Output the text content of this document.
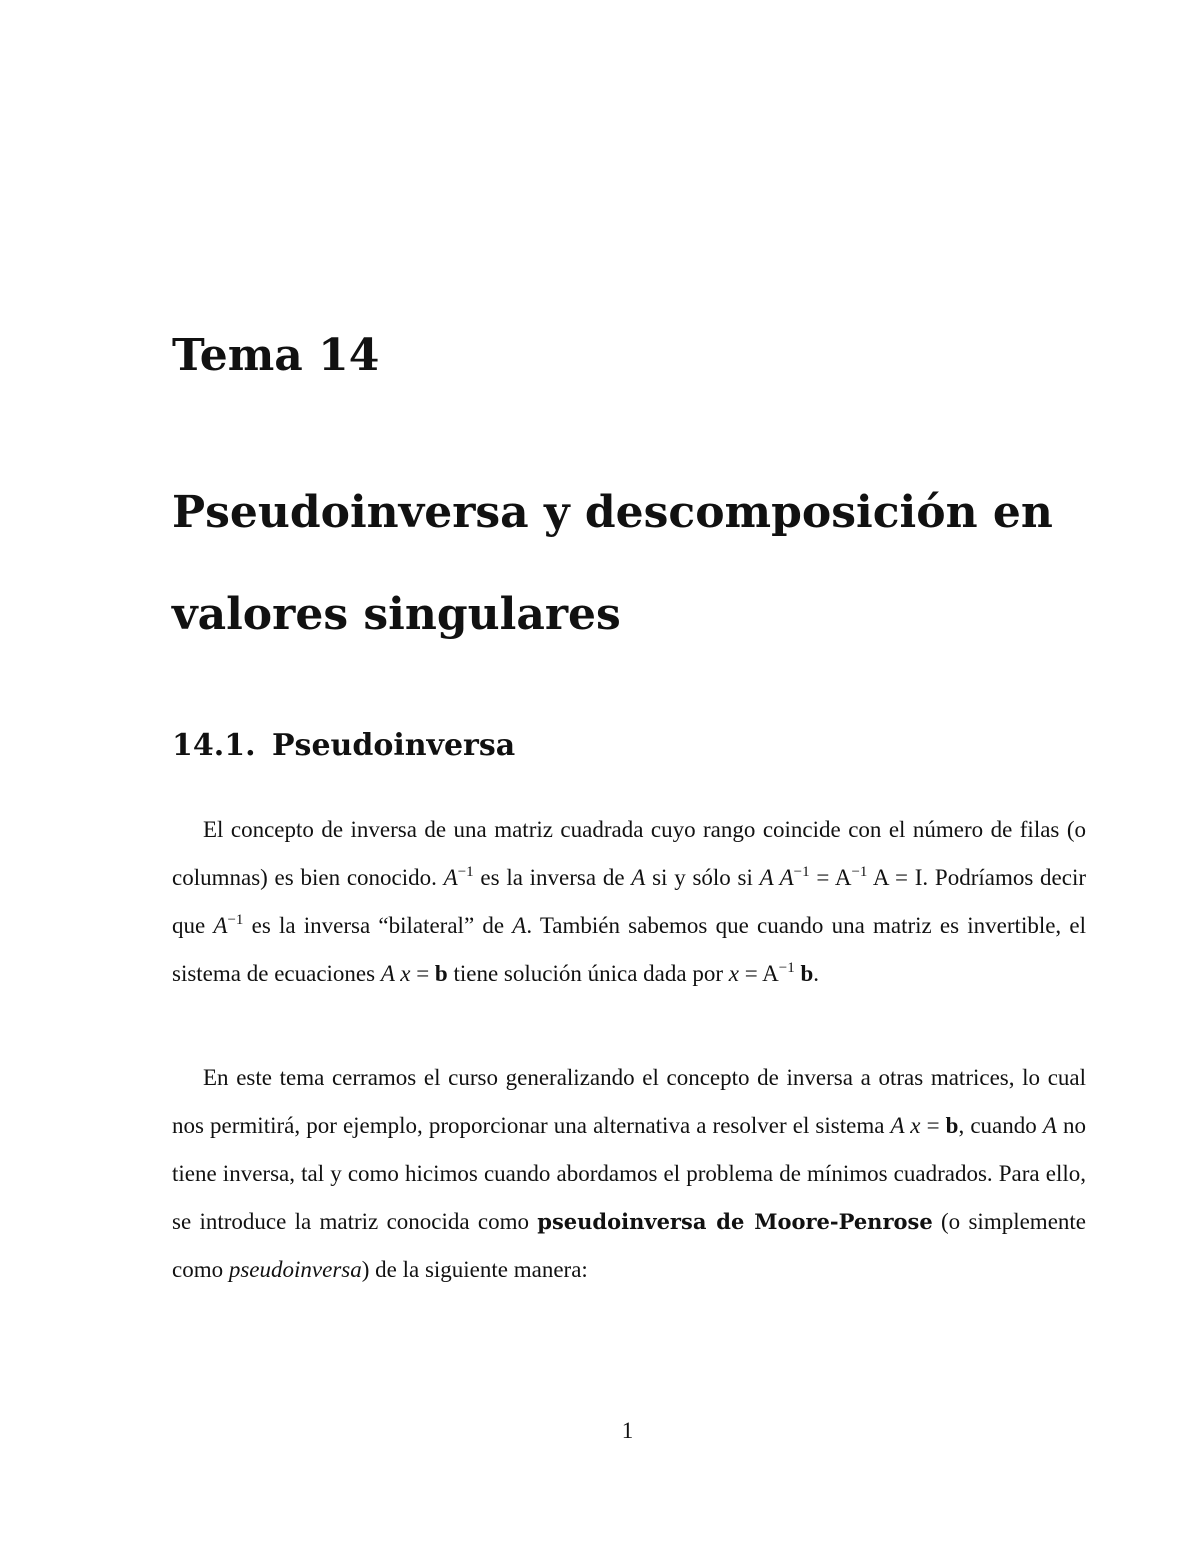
Tema 14
Pseudoinversa y descomposición en valores singulares
14.1. Pseudoinversa

El concepto de inversa de una matriz cuadrada cuyo rango coincide con el número de filas (o columnas) es bien conocido. $A^{-1}$ es la inversa de A si y sólo si A $A^{-1} = A^{-1}$ A = I. Podríamos decir que $A^{-1}$ es la inversa “bilateral” de A. También sabemos que cuando una matriz es invertible, el sistema de ecuaciones A x = b tiene solución única dada por $x = A^{-1}$ b.

En este tema cerramos el curso generalizando el concepto de inversa a otras matrices, lo cual nos permitirá, por ejemplo, proporcionar una alternativa a resolver el sistema A x = b, cuando A no tiene inversa, tal y como hicimos cuando abordamos el problema de mínimos cuadrados. Para ello, se introduce la matriz conocida como pseudoinversa de Moore-Penrose (o simplemente como pseudoinversa) de la siguiente manera:

1
